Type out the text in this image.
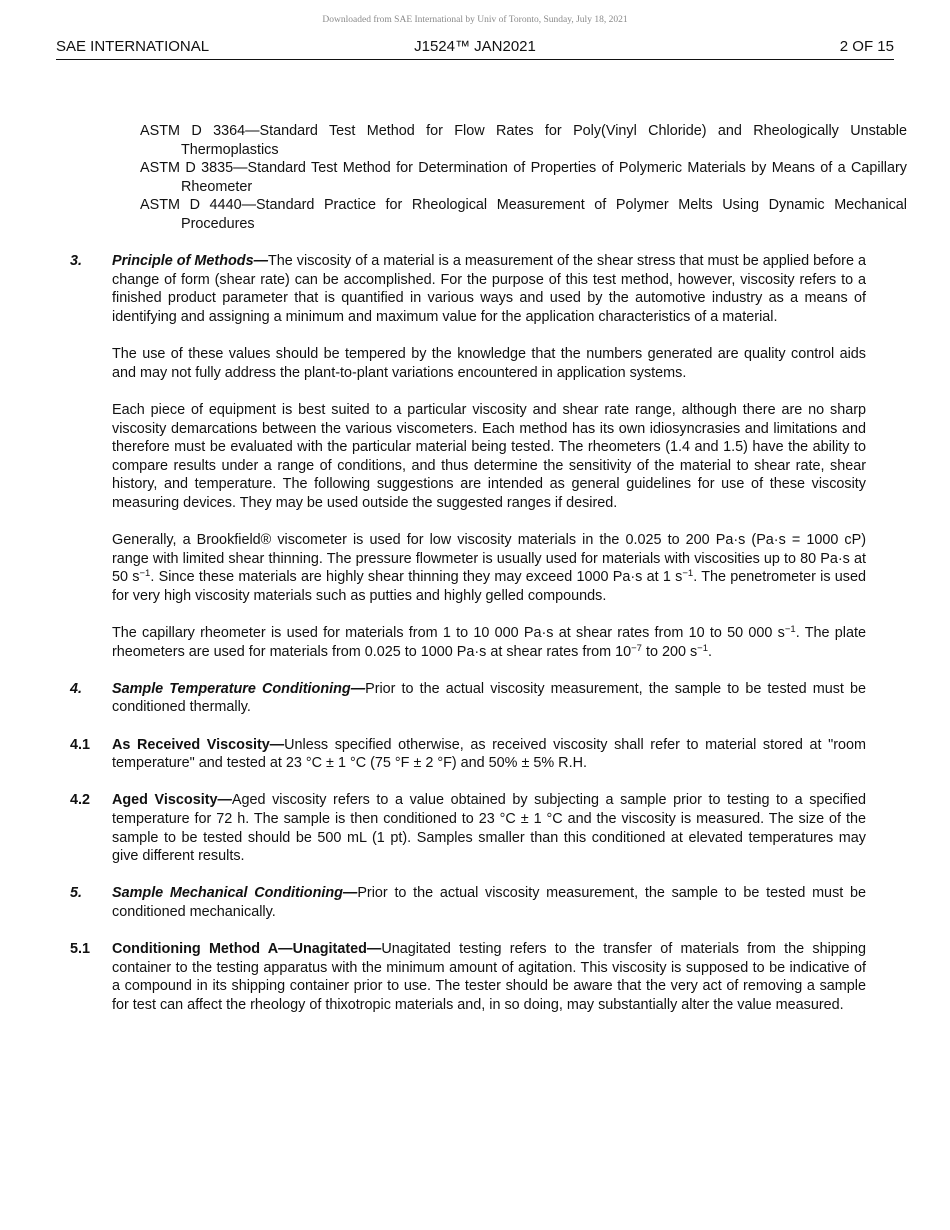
Downloaded from SAE International by Univ of Toronto, Sunday, July 18, 2021
SAE INTERNATIONAL	J1524™ JAN2021	2 OF 15
ASTM D 3364—Standard Test Method for Flow Rates for Poly(Vinyl Chloride) and Rheologically Unstable Thermoplastics
ASTM D 3835—Standard Test Method for Determination of Properties of Polymeric Materials by Means of a Capillary Rheometer
ASTM D 4440—Standard Practice for Rheological Measurement of Polymer Melts Using Dynamic Mechanical Procedures
3. Principle of Methods—The viscosity of a material is a measurement of the shear stress that must be applied before a change of form (shear rate) can be accomplished. For the purpose of this test method, however, viscosity refers to a finished product parameter that is quantified in various ways and used by the automotive industry as a means of identifying and assigning a minimum and maximum value for the application characteristics of a material.
The use of these values should be tempered by the knowledge that the numbers generated are quality control aids and may not fully address the plant-to-plant variations encountered in application systems.
Each piece of equipment is best suited to a particular viscosity and shear rate range, although there are no sharp viscosity demarcations between the various viscometers. Each method has its own idiosyncrasies and limitations and therefore must be evaluated with the particular material being tested. The rheometers (1.4 and 1.5) have the ability to compare results under a range of conditions, and thus determine the sensitivity of the material to shear rate, shear history, and temperature. The following suggestions are intended as general guidelines for use of these viscosity measuring devices. They may be used outside the suggested ranges if desired.
Generally, a Brookfield® viscometer is used for low viscosity materials in the 0.025 to 200 Pa·s (Pa·s = 1000 cP) range with limited shear thinning. The pressure flowmeter is usually used for materials with viscosities up to 80 Pa·s at 50 $s^{-1}$. Since these materials are highly shear thinning they may exceed 1000 Pa·s at 1 $s^{-1}$. The penetrometer is used for very high viscosity materials such as putties and highly gelled compounds.
The capillary rheometer is used for materials from 1 to 10 000 Pa·s at shear rates from 10 to 50 000 $s^{-1}$. The plate rheometers are used for materials from 0.025 to 1000 Pa·s at shear rates from $10^{-7}$ to 200 $s^{-1}$.
4. Sample Temperature Conditioning—Prior to the actual viscosity measurement, the sample to be tested must be conditioned thermally.
4.1 As Received Viscosity—Unless specified otherwise, as received viscosity shall refer to material stored at "room temperature" and tested at 23 °C ± 1 °C (75 °F ± 2 °F) and 50% ± 5% R.H.
4.2 Aged Viscosity—Aged viscosity refers to a value obtained by subjecting a sample prior to testing to a specified temperature for 72 h. The sample is then conditioned to 23 °C ± 1 °C and the viscosity is measured. The size of the sample to be tested should be 500 mL (1 pt). Samples smaller than this conditioned at elevated temperatures may give different results.
5. Sample Mechanical Conditioning—Prior to the actual viscosity measurement, the sample to be tested must be conditioned mechanically.
5.1 Conditioning Method A—Unagitated—Unagitated testing refers to the transfer of materials from the shipping container to the testing apparatus with the minimum amount of agitation. This viscosity is supposed to be indicative of a compound in its shipping container prior to use. The tester should be aware that the very act of removing a sample for test can affect the rheology of thixotropic materials and, in so doing, may substantially alter the value measured.
